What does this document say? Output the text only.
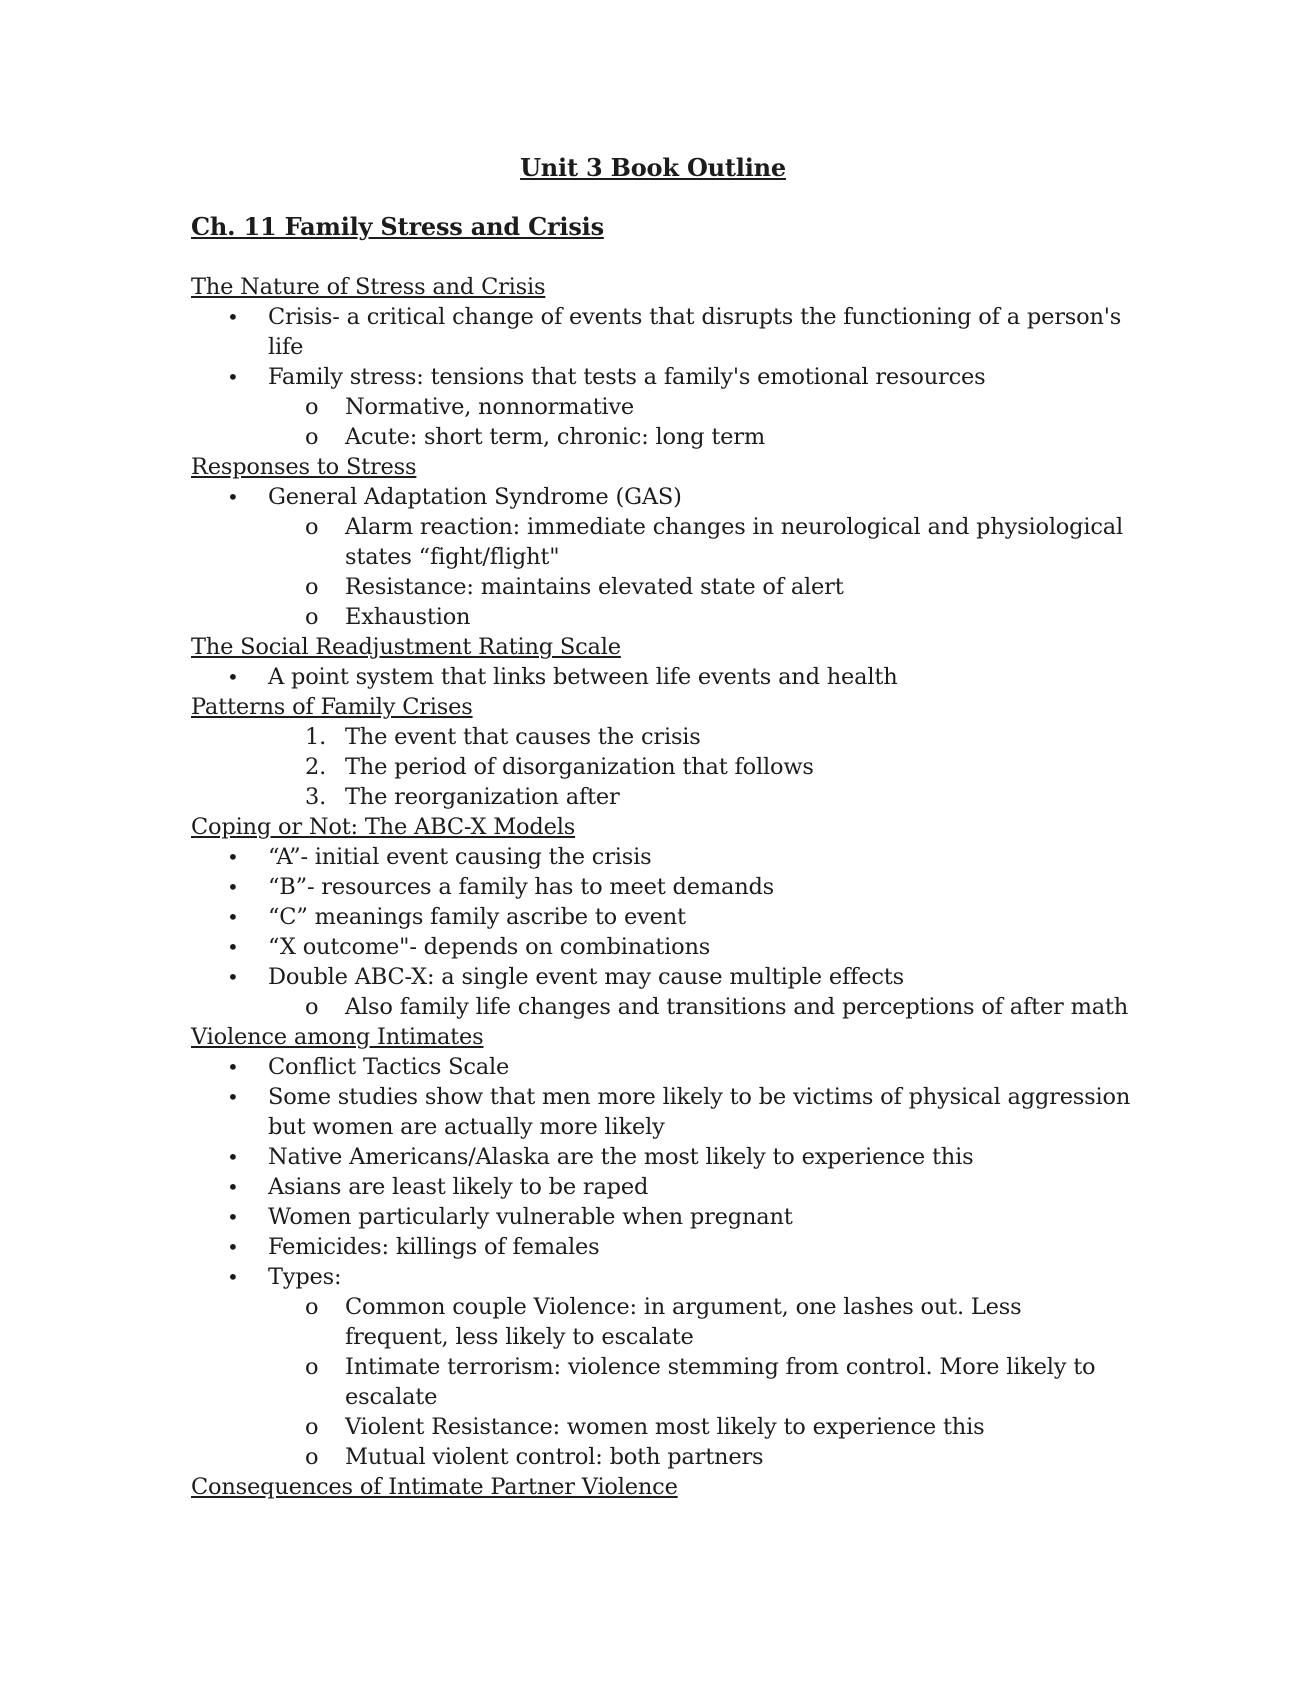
Unit 3 Book Outline
Ch. 11 Family Stress and Crisis
The Nature of Stress and Crisis
• Crisis- a critical change of events that disrupts the functioning of a person's life
• Family stress: tensions that tests a family's emotional resources
o Normative, nonnormative
o Acute: short term, chronic: long term
Responses to Stress
• General Adaptation Syndrome (GAS)
o Alarm reaction: immediate changes in neurological and physiological states “fight/flight"
o Resistance: maintains elevated state of alert
o Exhaustion
The Social Readjustment Rating Scale
• A point system that links between life events and health
Patterns of Family Crises
1. The event that causes the crisis
2. The period of disorganization that follows
3. The reorganization after
Coping or Not: The ABC-X Models
• “A”- initial event causing the crisis
• “B”- resources a family has to meet demands
• “C” meanings family ascribe to event
• “X outcome"- depends on combinations
• Double ABC-X: a single event may cause multiple effects
o Also family life changes and transitions and perceptions of after math
Violence among Intimates
• Conflict Tactics Scale
• Some studies show that men more likely to be victims of physical aggression but women are actually more likely
• Native Americans/Alaska are the most likely to experience this
• Asians are least likely to be raped
• Women particularly vulnerable when pregnant
• Femicides: killings of females
• Types:
o Common couple Violence: in argument, one lashes out. Less frequent, less likely to escalate
o Intimate terrorism: violence stemming from control. More likely to escalate
o Violent Resistance: women most likely to experience this
o Mutual violent control: both partners
Consequences of Intimate Partner Violence
